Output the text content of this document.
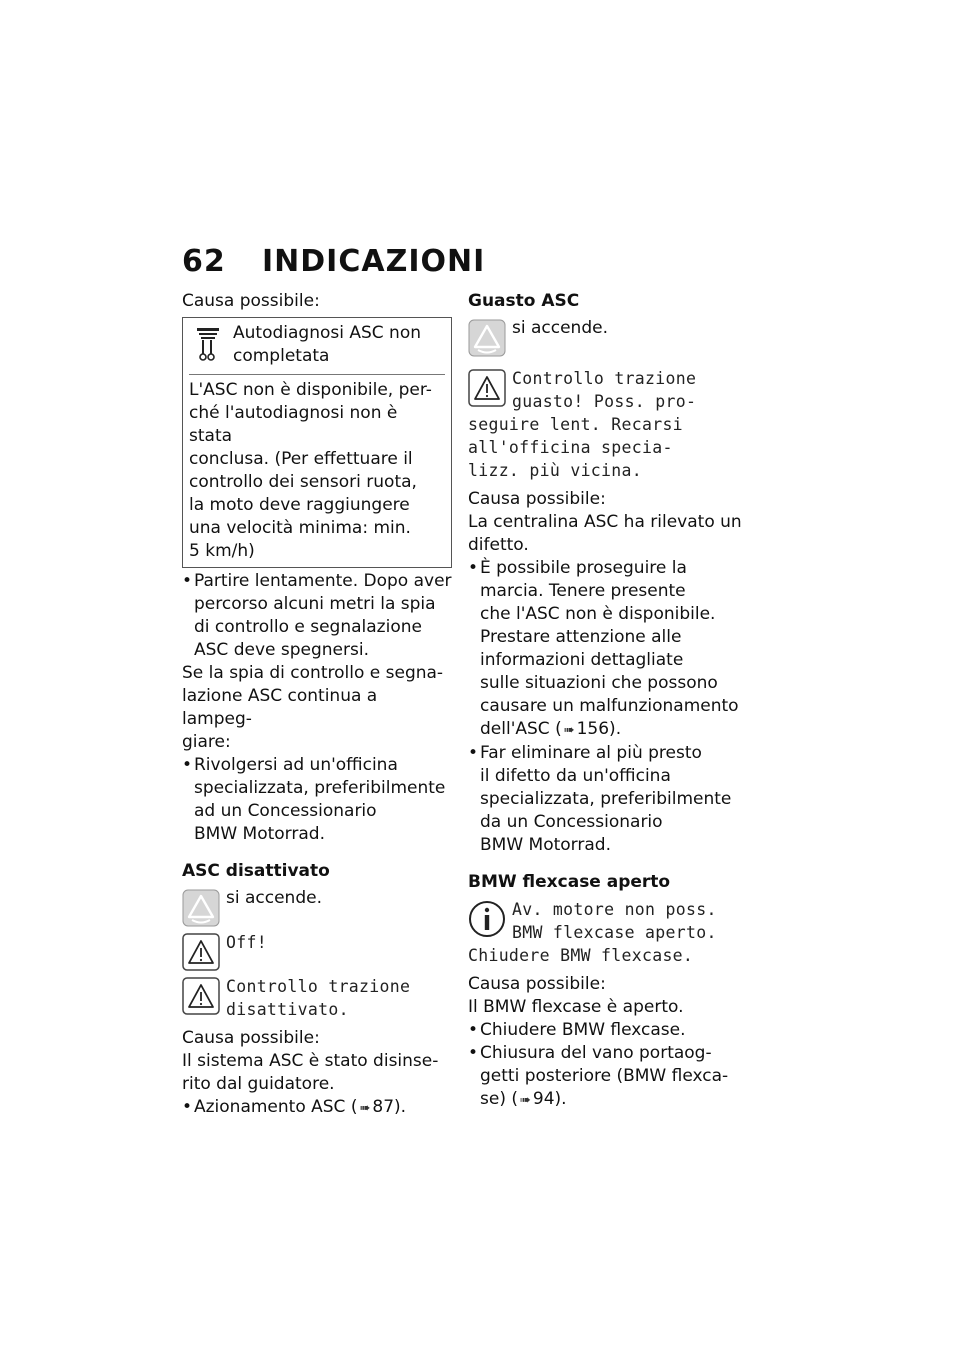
62 INDICAZIONI

Causa possibile:

Autodiagnosi ASC non
completata
L'ASC non è disponibile, per-
ché l'autodiagnosi non è stata
conclusa. (Per effettuare il
controllo dei sensori ruota,
la moto deve raggiungere
una velocità minima: min.
5 km/h)
• Partire lentamente. Dopo aver
percorso alcuni metri la spia
di controllo e segnalazione
ASC deve spegnersi.
Se la spia di controllo e segna-
lazione ASC continua a lampeg-
giare:
• Rivolgersi ad un'officina
specializzata, preferibilmente
ad un Concessionario
BMW Motorrad.
ASC disattivato
si accende.
Off!
Controllo trazione
disattivato.
Causa possibile:
Il sistema ASC è stato disinse-
rito dal guidatore.
• Azionamento ASC ( ➠ 87).
Guasto ASC
si accende.
Controllo trazione
guasto! Poss. pro-
seguire lent. Recarsi
all'officina specia-
lizz. più vicina.
Causa possibile:
La centralina ASC ha rilevato un
difetto.
• È possibile proseguire la
marcia. Tenere presente
che l'ASC non è disponibile.
Prestare attenzione alle
informazioni dettagliate
sulle situazioni che possono
causare un malfunzionamento
dell'ASC ( ➠ 156).
• Far eliminare al più presto
il difetto da un'officina
specializzata, preferibilmente
da un Concessionario
BMW Motorrad.
BMW flexcase aperto
Av. motore non poss.
BMW flexcase aperto.
Chiudere BMW flexcase.
Causa possibile:
Il BMW flexcase è aperto.
• Chiudere BMW flexcase.
• Chiusura del vano portaog-
getti posteriore (BMW flexca-
se) ( ➠ 94).
